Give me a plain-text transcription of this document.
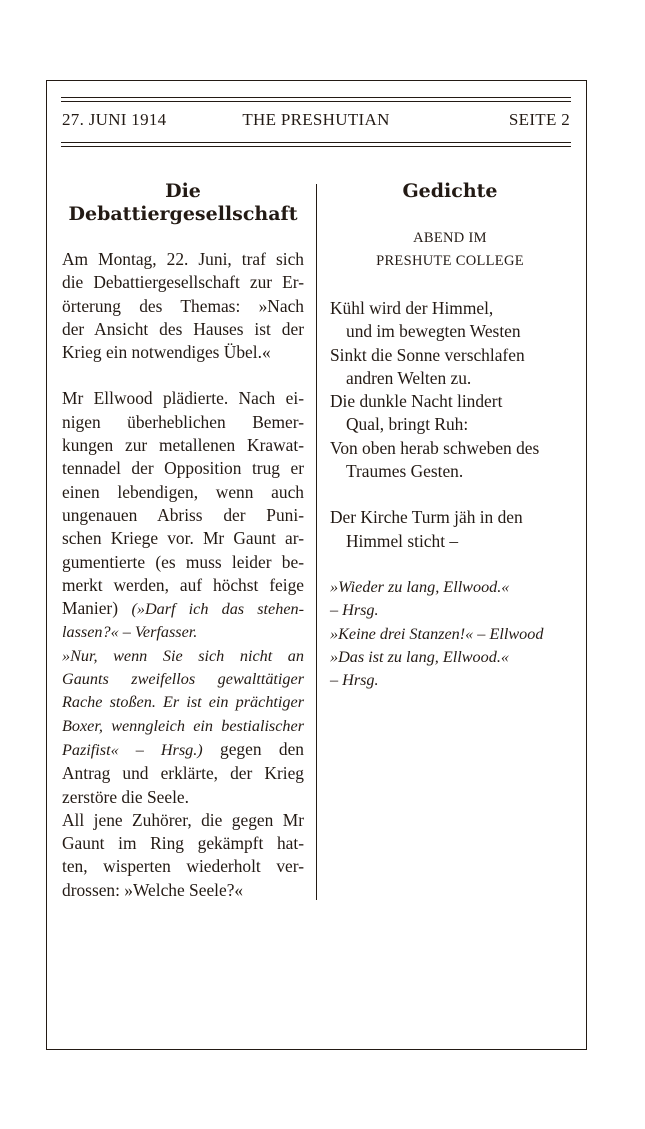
27. JUNI 1914	THE PRESHUTIAN	SEITE 2
Die
Debattiergesellschaft
Am Montag, 22. Juni, traf sich
die Debattiergesellschaft zur Er-
örterung des Themas: »Nach
der Ansicht des Hauses ist der
Krieg ein notwendiges Übel.«
Mr Ellwood plädierte. Nach ei-
nigen überheblichen Bemer-
kungen zur metallenen Krawat-
tennadel der Opposition trug er
einen lebendigen, wenn auch
ungenauen Abriss der Puni-
schen Kriege vor. Mr Gaunt ar-
gumentierte (es muss leider be-
merkt werden, auf höchst feige
Manier) (»Darf ich das stehen-
lassen?« – Verfasser.
»Nur, wenn Sie sich nicht an
Gaunts zweifellos gewalttätiger
Rache stoßen. Er ist ein prächtiger
Boxer, wenngleich ein bestialischer
Pazifist« – Hrsg.) gegen den
Antrag und erklärte, der Krieg
zerstöre die Seele.
All jene Zuhörer, die gegen Mr
Gaunt im Ring gekämpft hat-
ten, wisperten wiederholt ver-
drossen: »Welche Seele?«
Gedichte
ABEND IM
PRESHUTE COLLEGE
Kühl wird der Himmel,
und im bewegten Westen
Sinkt die Sonne verschlafen
andren Welten zu.
Die dunkle Nacht lindert
Qual, bringt Ruh:
Von oben herab schweben des
Traumes Gesten.
Der Kirche Turm jäh in den
Himmel sticht –
»Wieder zu lang, Ellwood.«
– Hrsg.
»Keine drei Stanzen!« – Ellwood
»Das ist zu lang, Ellwood.«
– Hrsg.
